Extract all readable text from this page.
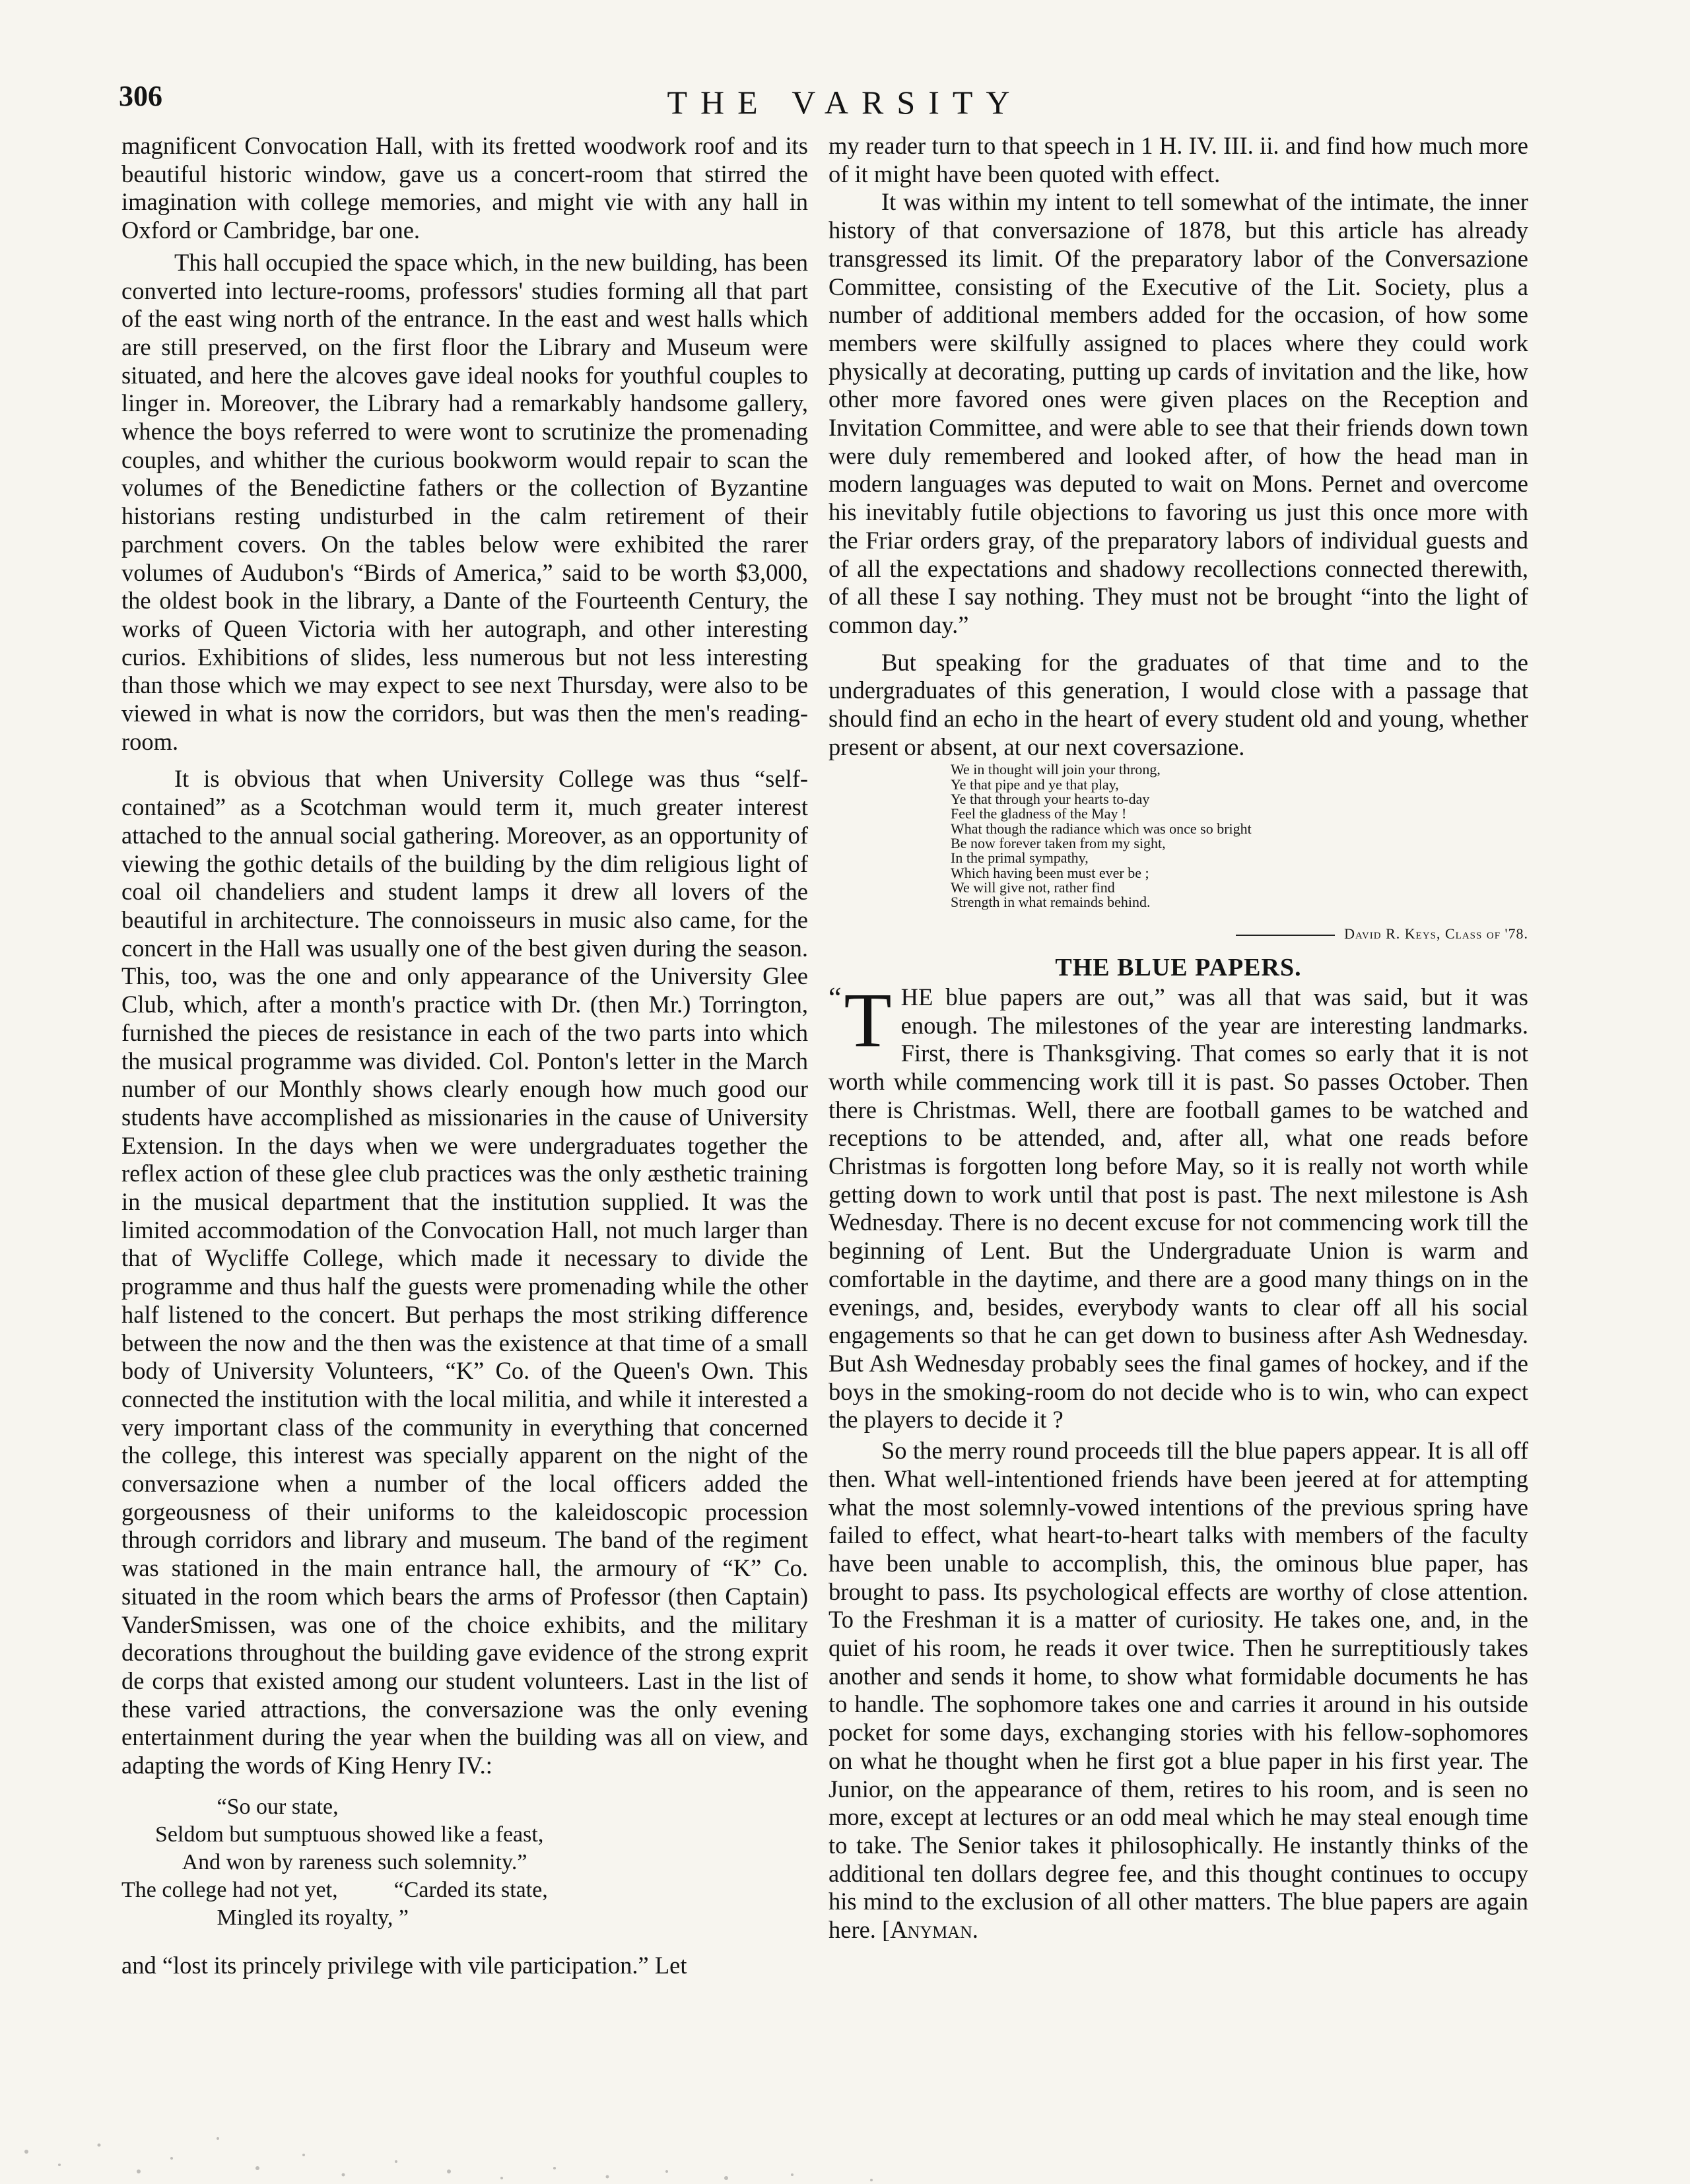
306	THE VARSITY

magnificent Convocation Hall, with its fretted woodwork roof and its beautiful historic window, gave us a concert-room that stirred the imagination with college memories, and might vie with any hall in Oxford or Cambridge, bar one.

This hall occupied the space which, in the new building, has been converted into lecture-rooms, professors' studies forming all that part of the east wing north of the entrance. In the east and west halls which are still preserved, on the first floor the Library and Museum were situated, and here the alcoves gave ideal nooks for youthful couples to linger in. Moreover, the Library had a remarkably handsome gallery, whence the boys referred to were wont to scrutinize the promenading couples, and whither the curious bookworm would repair to scan the volumes of the Benedictine fathers or the collection of Byzantine historians resting undisturbed in the calm retirement of their parchment covers. On the tables below were exhibited the rarer volumes of Audubon's “Birds of America,” said to be worth $3,000, the oldest book in the library, a Dante of the Fourteenth Century, the works of Queen Victoria with her autograph, and other interesting curios. Exhibitions of slides, less numerous but not less interesting than those which we may expect to see next Thursday, were also to be viewed in what is now the corridors, but was then the men's reading-room.

It is obvious that when University College was thus “self-contained” as a Scotchman would term it, much greater interest attached to the annual social gathering. Moreover, as an opportunity of viewing the gothic details of the building by the dim religious light of coal oil chandeliers and student lamps it drew all lovers of the beautiful in architecture. The connoisseurs in music also came, for the concert in the Hall was usually one of the best given during the season. This, too, was the one and only appearance of the University Glee Club, which, after a month's practice with Dr. (then Mr.) Torrington, furnished the pieces de resistance in each of the two parts into which the musical programme was divided. Col. Ponton's letter in the March number of our Monthly shows clearly enough how much good our students have accomplished as missionaries in the cause of University Extension. In the days when we were undergraduates together the reflex action of these glee club practices was the only æsthetic training in the musical department that the institution supplied. It was the limited accommodation of the Convocation Hall, not much larger than that of Wycliffe College, which made it necessary to divide the programme and thus half the guests were promenading while the other half listened to the concert. But perhaps the most striking difference between the now and the then was the existence at that time of a small body of University Volunteers, “K” Co. of the Queen's Own. This connected the institution with the local militia, and while it interested a very important class of the community in everything that concerned the college, this interest was specially apparent on the night of the conversazione when a number of the local officers added the gorgeousness of their uniforms to the kaleidoscopic procession through corridors and library and museum. The band of the regiment was stationed in the main entrance hall, the armoury of “K” Co. situated in the room which bears the arms of Professor (then Captain) VanderSmissen, was one of the choice exhibits, and the military decorations throughout the building gave evidence of the strong exprit de corps that existed among our student volunteers. Last in the list of these varied attractions, the conversazione was the only evening entertainment during the year when the building was all on view, and adapting the words of King Henry IV.:

“So our state,
Seldom but sumptuous showed like a feast,
And won by rareness such solemnity.”
The college had not yet,          “Carded its state,
Mingled its royalty, ”

and “lost its princely privilege with vile participation.” Let

my reader turn to that speech in 1 H. IV. III. ii. and find how much more of it might have been quoted with effect.

It was within my intent to tell somewhat of the intimate, the inner history of that conversazione of 1878, but this article has already transgressed its limit. Of the preparatory labor of the Conversazione Committee, consisting of the Executive of the Lit. Society, plus a number of additional members added for the occasion, of how some members were skilfully assigned to places where they could work physically at decorating, putting up cards of invitation and the like, how other more favored ones were given places on the Reception and Invitation Committee, and were able to see that their friends down town were duly remembered and looked after, of how the head man in modern languages was deputed to wait on Mons. Pernet and overcome his inevitably futile objections to favoring us just this once more with the Friar orders gray, of the preparatory labors of individual guests and of all the expectations and shadowy recollections connected therewith, of all these I say nothing. They must not be brought “into the light of common day.”

But speaking for the graduates of that time and to the undergraduates of this generation, I would close with a passage that should find an echo in the heart of every student old and young, whether present or absent, at our next coversazione.

We in thought will join your throng,
Ye that pipe and ye that play,
Ye that through your hearts to-day
Feel the gladness of the May !
What though the radiance which was once so bright
Be now forever taken from my sight,
In the primal sympathy,
Which having been must ever be ;
We will give not, rather find
Strength in what remainds behind.
David R. Keys, Class of '78.
THE BLUE PAPERS.

“ T HE blue papers are out,” was all that was said, but it was enough. The milestones of the year are interesting landmarks. First, there is Thanksgiving. That comes so early that it is not worth while commencing work till it is past. So passes October. Then there is Christmas. Well, there are football games to be watched and receptions to be attended, and, after all, what one reads before Christmas is forgotten long before May, so it is really not worth while getting down to work until that post is past. The next milestone is Ash Wednesday. There is no decent excuse for not commencing work till the beginning of Lent. But the Undergraduate Union is warm and comfortable in the daytime, and there are a good many things on in the evenings, and, besides, everybody wants to clear off all his social engagements so that he can get down to business after Ash Wednesday. But Ash Wednesday probably sees the final games of hockey, and if the boys in the smoking-room do not decide who is to win, who can expect the players to decide it ?

So the merry round proceeds till the blue papers appear. It is all off then. What well-intentioned friends have been jeered at for attempting what the most solemnly-vowed intentions of the previous spring have failed to effect, what heart-to-heart talks with members of the faculty have been unable to accomplish, this, the ominous blue paper, has brought to pass. Its psychological effects are worthy of close attention. To the Freshman it is a matter of curiosity. He takes one, and, in the quiet of his room, he reads it over twice. Then he surreptitiously takes another and sends it home, to show what formidable documents he has to handle. The sophomore takes one and carries it around in his outside pocket for some days, exchanging stories with his fellow-sophomores on what he thought when he first got a blue paper in his first year. The Junior, on the appearance of them, retires to his room, and is seen no more, except at lectures or an odd meal which he may steal enough time to take. The Senior takes it philosophically. He instantly thinks of the additional ten dollars degree fee, and this thought continues to occupy his mind to the exclusion of all other matters. The blue papers are again here. [Anyman.
